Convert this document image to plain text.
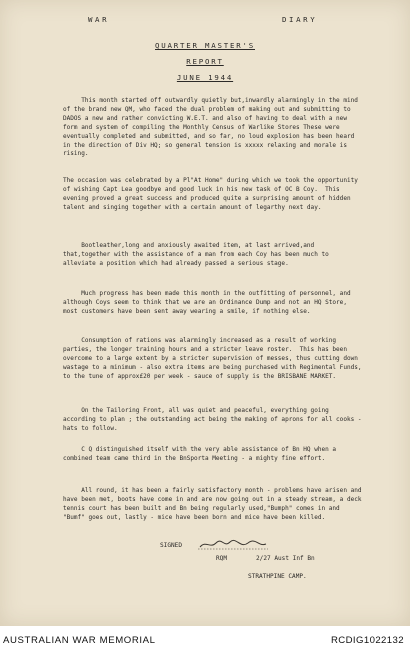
WAR	DIARY
QUARTER MASTER'S
REPORT
JUNE 1944

This month started off outwardly quietly but,inwardly alarmingly in the mind of the brand new QM, who faced the dual problem of making out and submitting to DADOS a new and rather convicting W.E.T. and also of having to deal with a new form and system of compiling the Monthly Census of Warlike Stores These were eventually completed and submitted, and so far, no loud explosion has been heard in the direction of Div HQ; so general tension is xxxxx relaxing and morale is rising.

The occasion was celebrated by a Pl"At Home" during which we took the opportunity of wishing Capt Lea goodbye and good luck in his new task of OC B Coy.  This evening proved a great success and produced quite a surprising amount of hidden talent and singing together with a certain amount of legarthy next day.

Bootleather,long and anxiously awaited item, at last arrived,and that,together with the assistance of a man from each Coy has been much to alleviate a position which had already passed a serious stage.

Much progress has been made this month in the outfitting of personnel, and although Coys seem to think that we are an Ordinance Dump and not an HQ Store, most customers have been sent away wearing a smile, if nothing else.

Consumption of rations was alarmingly increased as a result of working parties, the longer training hours and a stricter leave roster.  This has been overcome to a large extent by a stricter supervision of messes, thus cutting down wastage to a minimum - also extra items are being purchased with Regimental Funds, to the tune of approx£20 per week - sauce of supply is the BRISBANE MARKET.

On the Tailoring Front, all was quiet and peaceful, everything going according to plan ; the outstanding act being the making of aprons for all cooks - hats to follow.

C Q distinguished itself with the very able assistance of Bn HQ when a combined team came third in the BnSporta Meeting - a mighty fine effort.

All round, it has been a fairly satisfactory month - problems have arisen and have been met, boots have come in and are now going out in a steady stream, a deck tennis court has been built and Bn being regularly used,"Bumph" comes in and "Bumf" goes out, lastly - mice have been born and mice have been killed.

SIGNED
RQM	2/27 Aust Inf Bn
STRATHPINE CAMP.
AUSTRALIAN WAR MEMORIAL	RCDIG1022132
